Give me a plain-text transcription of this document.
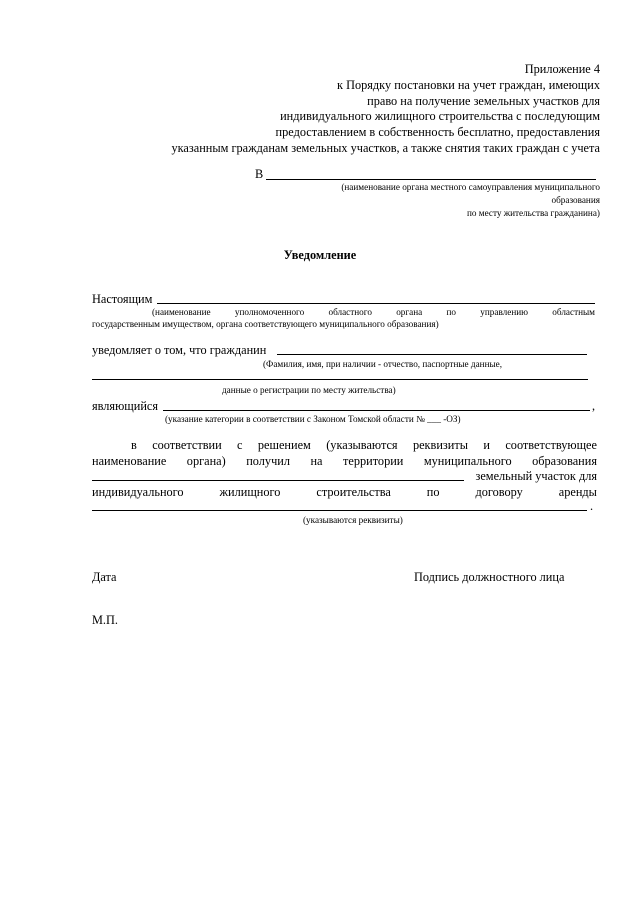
Приложение 4
к Порядку постановки на учет граждан, имеющих
право на получение земельных участков для
индивидуального жилищного строительства с последующим
предоставлением в собственность бесплатно, предоставления
указанным гражданам земельных участков, а также снятия таких граждан с учета
В
(наименование органа местного самоуправления муниципального
образования
по месту жительства гражданина)
Уведомление
Настоящим
(наименование	уполномоченного	областного	органа	по	управлению	областным
государственным имуществом, органа соответствующего муниципального образования)
уведомляет о том, что гражданин
(Фамилия, имя, при наличии - отчество, паспортные данные,
данные о регистрации по месту жительства)
являющийся	,
(указание категории в соответствии с Законом Томской области № ___ -ОЗ)
в соответствии с решением (указываются реквизиты и соответствующее
наименование органа) получил на территории муниципального образования
земельный участок для
индивидуального	жилищного	строительства	по	договору	аренды
.
(указываются реквизиты)
Дата	Подпись должностного лица
М.П.
